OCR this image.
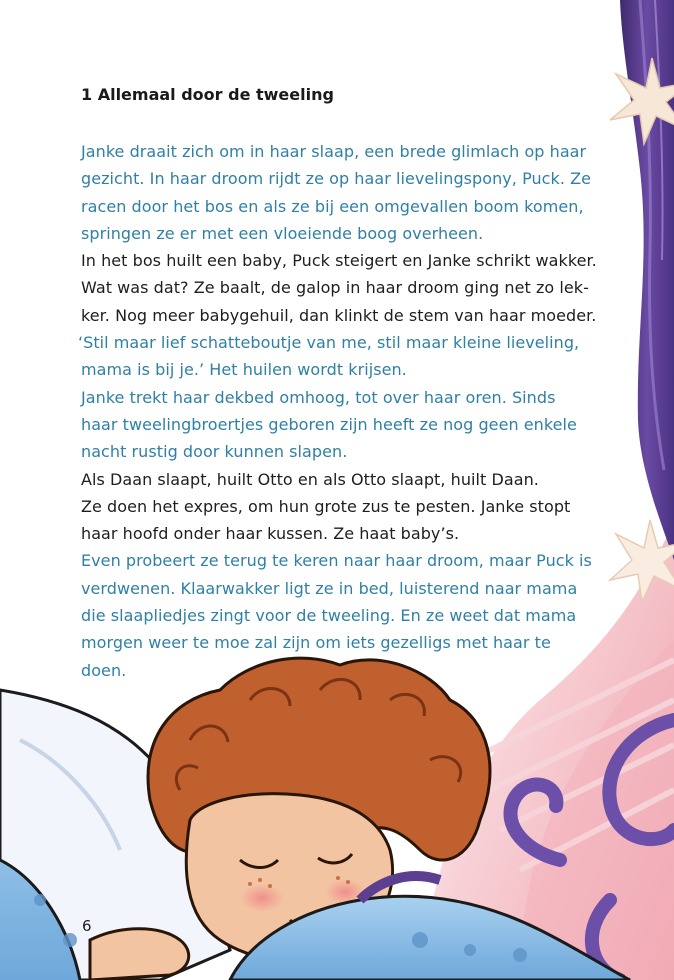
1 Allemaal door de tweeling
Janke draait zich om in haar slaap, een brede glimlach op haar
gezicht. In haar droom rijdt ze op haar lievelingspony, Puck. Ze
racen door het bos en als ze bij een omgevallen boom komen,
springen ze er met een vloeiende boog overheen.
In het bos huilt een baby, Puck steigert en Janke schrikt wakker.
Wat was dat? Ze baalt, de galop in haar droom ging net zo lek-
ker. Nog meer babygehuil, dan klinkt de stem van haar moeder.
‘Stil maar lief schatteboutje van me, stil maar kleine lieveling,
mama is bij je.’ Het huilen wordt krijsen.
Janke trekt haar dekbed omhoog, tot over haar oren. Sinds
haar tweelingbroertjes geboren zijn heeft ze nog geen enkele
nacht rustig door kunnen slapen.
Als Daan slaapt, huilt Otto en als Otto slaapt, huilt Daan.
Ze doen het expres, om hun grote zus te pesten. Janke stopt
haar hoofd onder haar kussen. Ze haat baby’s.
Even probeert ze terug te keren naar haar droom, maar Puck is
verdwenen. Klaarwakker ligt ze in bed, luisterend naar mama
die slaapliedjes zingt voor de tweeling. En ze weet dat mama
morgen weer te moe zal zijn om iets gezelligs met haar te
doen.
6
